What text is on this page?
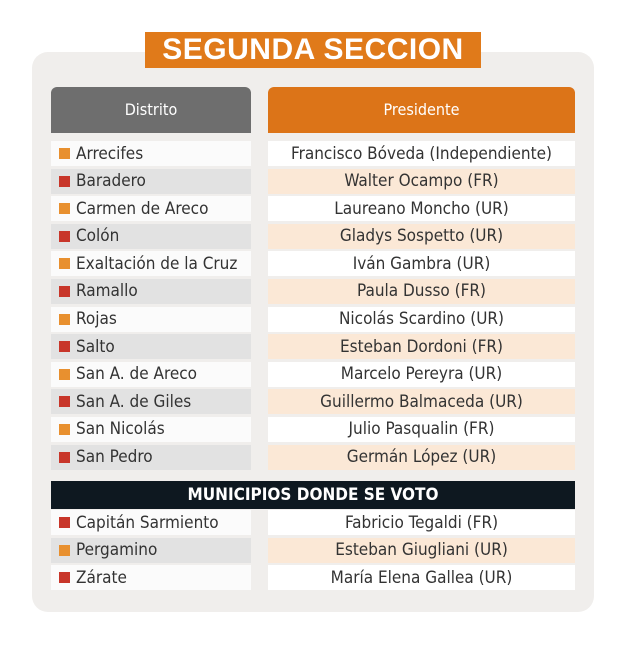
SEGUNDA SECCION
Distrito	Presidente
Arrecifes	Francisco Bóveda (Independiente)
Baradero	Walter Ocampo (FR)
Carmen de Areco	Laureano Moncho (UR)
Colón	Gladys Sospetto (UR)
Exaltación de la Cruz	Iván Gambra (UR)
Ramallo	Paula Dusso (FR)
Rojas	Nicolás Scardino (UR)
Salto	Esteban Dordoni (FR)
San A. de Areco	Marcelo Pereyra (UR)
San A. de Giles	Guillermo Balmaceda (UR)
San Nicolás	Julio Pasqualin (FR)
San Pedro	Germán López (UR)
MUNICIPIOS DONDE SE VOTO
Capitán Sarmiento	Fabricio Tegaldi (FR)
Pergamino	Esteban Giugliani (UR)
Zárate	María Elena Gallea (UR)
